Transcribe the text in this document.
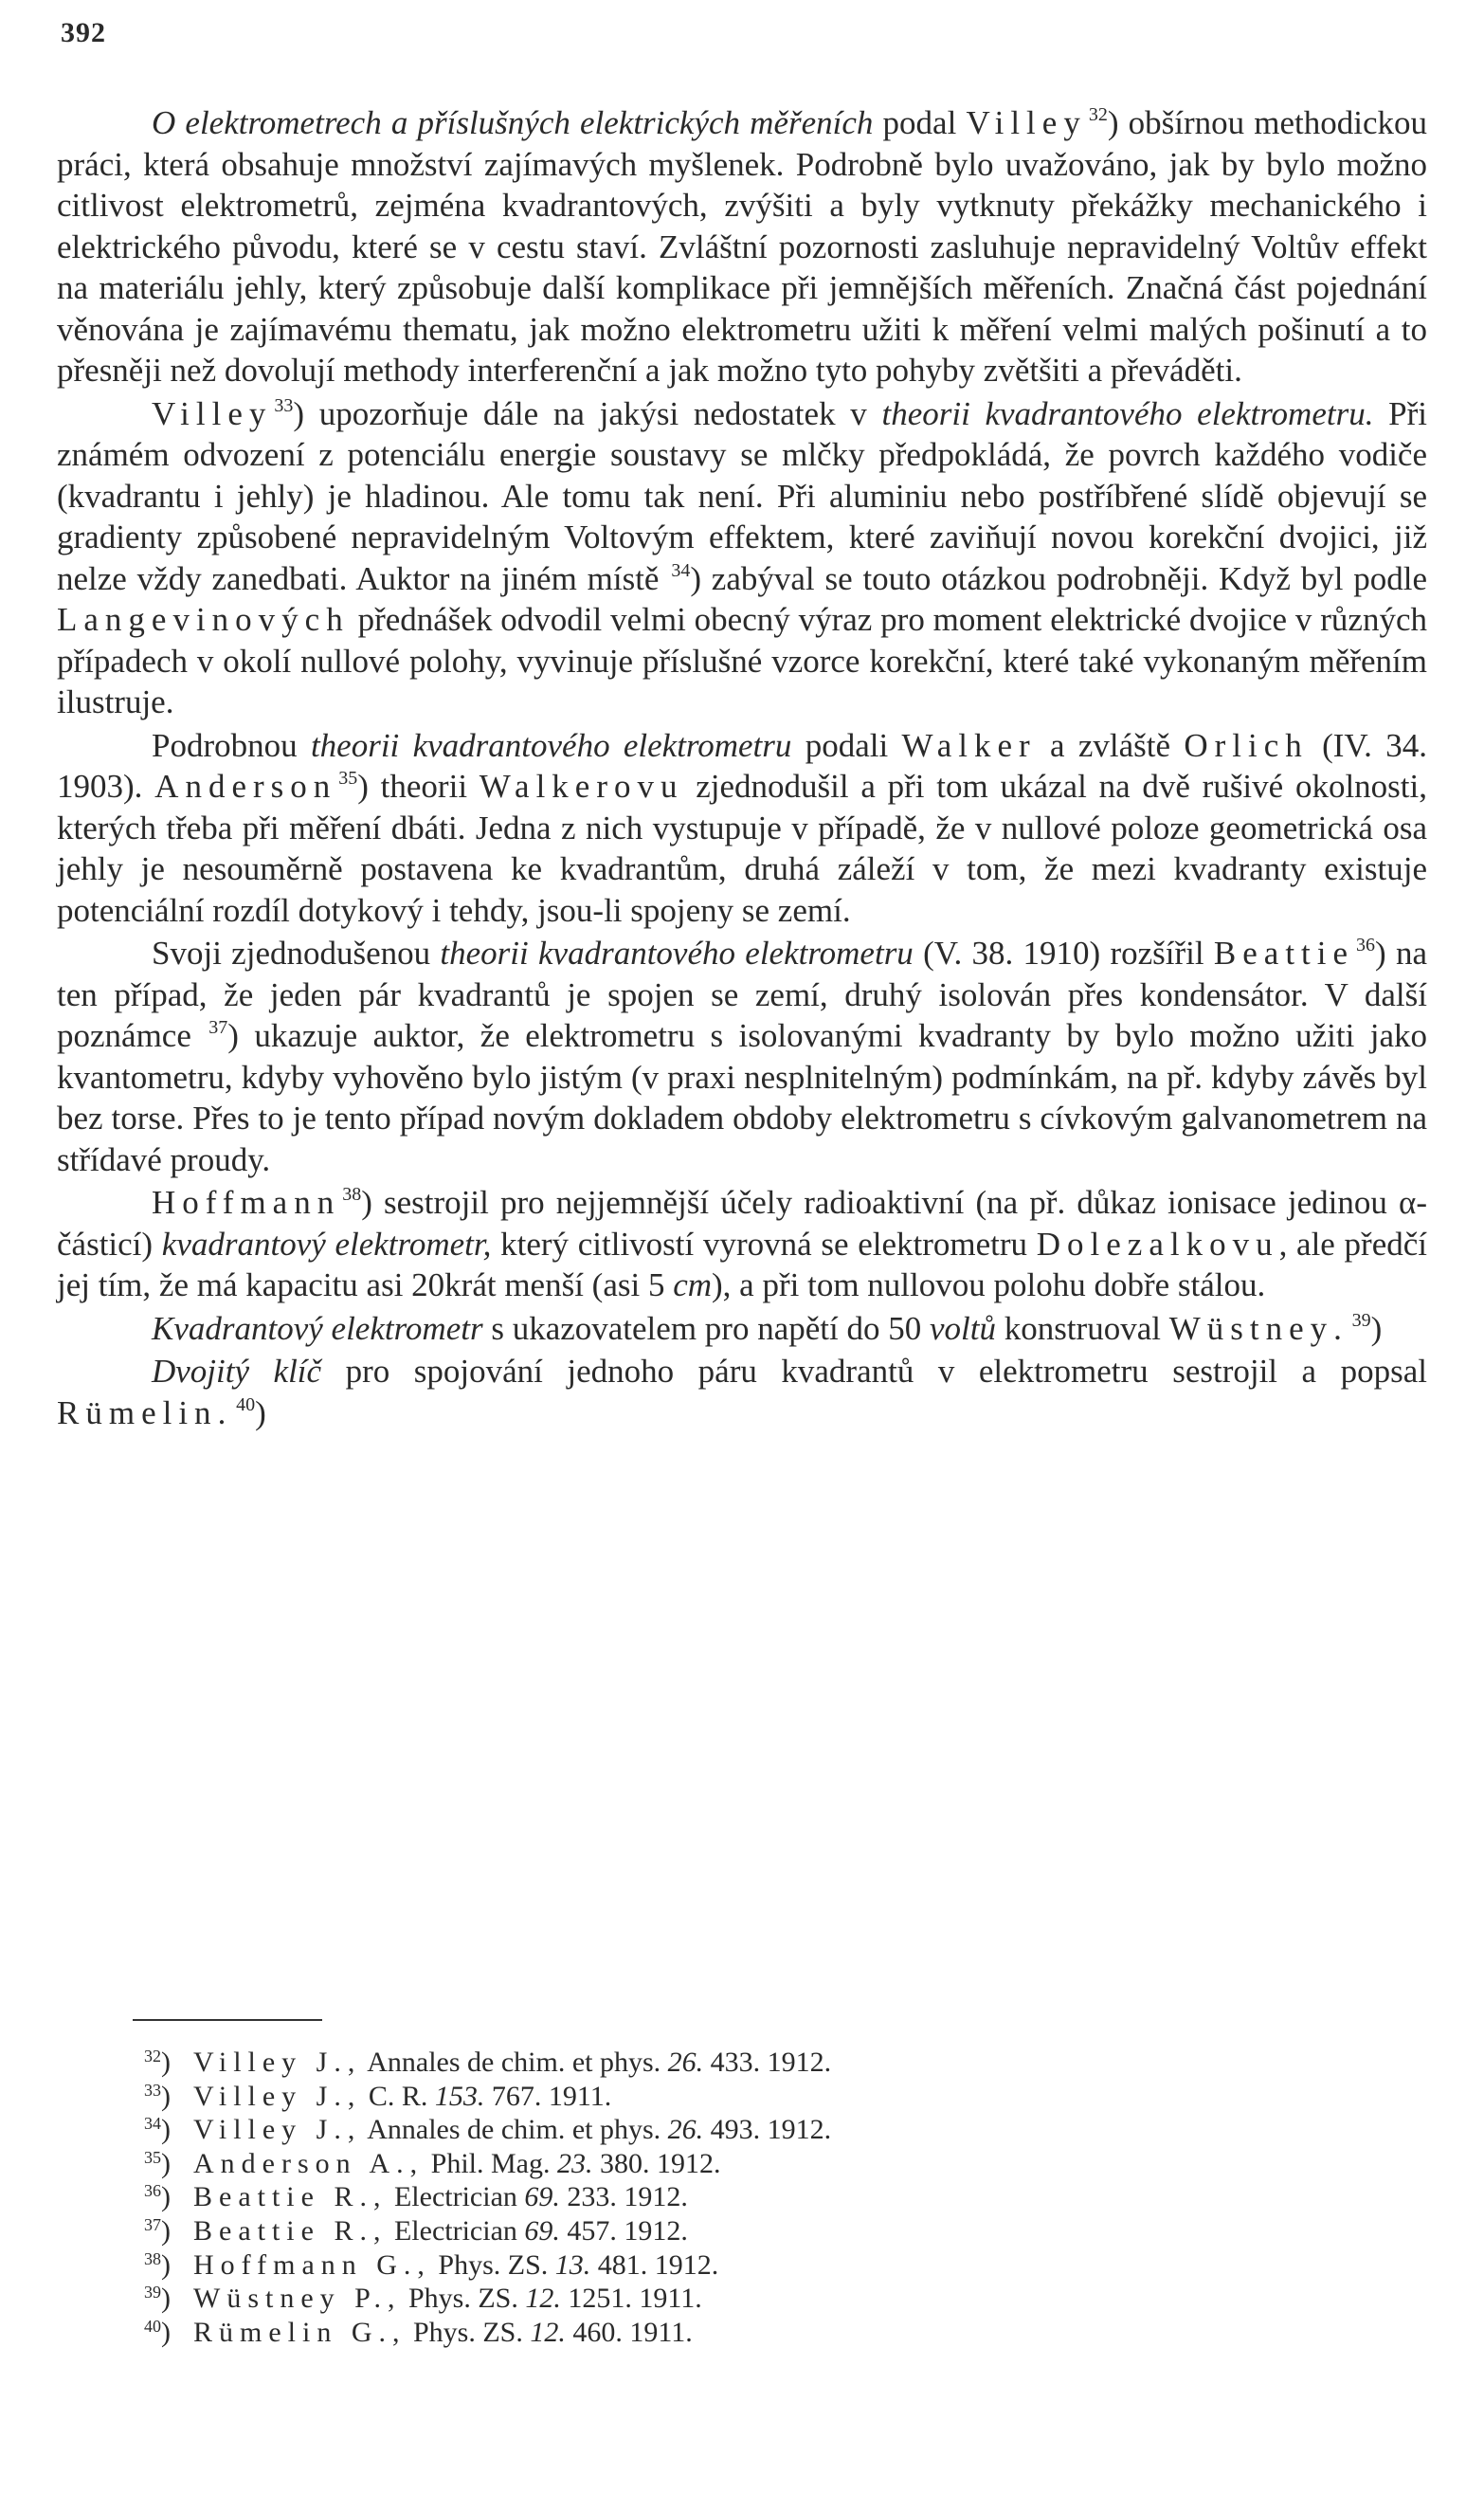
392

O elektrometrech a příslušných elektrických měřeních podal Villey $^{32}$) obšírnou methodickou práci, která obsahuje množství zajímavých myšlenek. Podrobně bylo uvažováno, jak by bylo možno citlivost elektrometrů, zejména kvadrantových, zvýšiti a byly vytknuty překážky mechanického i elektrického původu, které se v cestu staví. Zvláštní pozornosti zasluhuje nepravidelný Voltův effekt na materiálu jehly, který způsobuje další komplikace při jemnějších měřeních. Značná část pojednání věnována je zajímavému thematu, jak možno elektrometru užiti k měření velmi malých pošinutí a to přesněji než dovolují methody interferenční a jak možno tyto pohyby zvětšiti a převáděti.

Villey $^{33}$) upozorňuje dále na jakýsi nedostatek v theorii kvadrantového elektrometru. Při známém odvození z potenciálu energie soustavy se mlčky předpokládá, že povrch každého vodiče (kvadrantu i jehly) je hladinou. Ale tomu tak není. Při aluminiu nebo postříbřené slídě objevují se gradienty způsobené nepravidelným Voltovým effektem, které zaviňují novou korekční dvojici, již nelze vždy zanedbati. Auktor na jiném místě $^{34}$) zabýval se touto otázkou podrobněji. Když byl podle Langevinových přednášek odvodil velmi obecný výraz pro moment elektrické dvojice v různých případech v okolí nullové polohy, vyvinuje příslušné vzorce korekční, které také vykonaným měřením ilustruje.

Podrobnou theorii kvadrantového elektrometru podali Walker a zvláště Orlich (IV. 34. 1903). Anderson $^{35}$) theorii Walkerovu zjednodušil a při tom ukázal na dvě rušivé okolnosti, kterých třeba při měření dbáti. Jedna z nich vystupuje v případě, že v nullové poloze geometrická osa jehly je nesouměrně postavena ke kvadrantům, druhá záleží v tom, že mezi kvadranty existuje potenciální rozdíl dotykový i tehdy, jsou-li spojeny se zemí.

Svoji zjednodušenou theorii kvadrantového elektrometru (V. 38. 1910) rozšířil Beattie $^{36}$) na ten případ, že jeden pár kvadrantů je spojen se zemí, druhý isolován přes kondensátor. V další poznámce $^{37}$) ukazuje auktor, že elektrometru s isolovanými kvadranty by bylo možno užiti jako kvantometru, kdyby vyhověno bylo jistým (v praxi nesplnitelným) podmínkám, na př. kdyby závěs byl bez torse. Přes to je tento případ novým dokladem obdoby elektrometru s cívkovým galvanometrem na střídavé proudy.

Hoffmann $^{38}$) sestrojil pro nejjemnější účely radioaktivní (na př. důkaz ionisace jedinou α-částicí) kvadrantový elektrometr, který citlivostí vyrovná se elektrometru Dolezalkovu, ale předčí jej tím, že má kapacitu asi 20krát menší (asi 5 cm), a při tom nullovou polohu dobře stálou.

Kvadrantový elektrometr s ukazovatelem pro napětí do 50 voltů konstruoval Wüstney. $^{39}$)

Dvojitý klíč pro spojování jednoho páru kvadrantů v elektrometru sestrojil a popsal Rümelin. $^{40}$)

$^{32}$) Villey J., Annales de chim. et phys. 26. 433. 1912.
$^{33}$) Villey J., C. R. 153. 767. 1911.
$^{34}$) Villey J., Annales de chim. et phys. 26. 493. 1912.
$^{35}$) Anderson A., Phil. Mag. 23. 380. 1912.
$^{36}$) Beattie R., Electrician 69. 233. 1912.
$^{37}$) Beattie R., Electrician 69. 457. 1912.
$^{38}$) Hoffmann G., Phys. ZS. 13. 481. 1912.
$^{39}$) Wüstney P., Phys. ZS. 12. 1251. 1911.
$^{40}$) Rümelin G., Phys. ZS. 12. 460. 1911.
